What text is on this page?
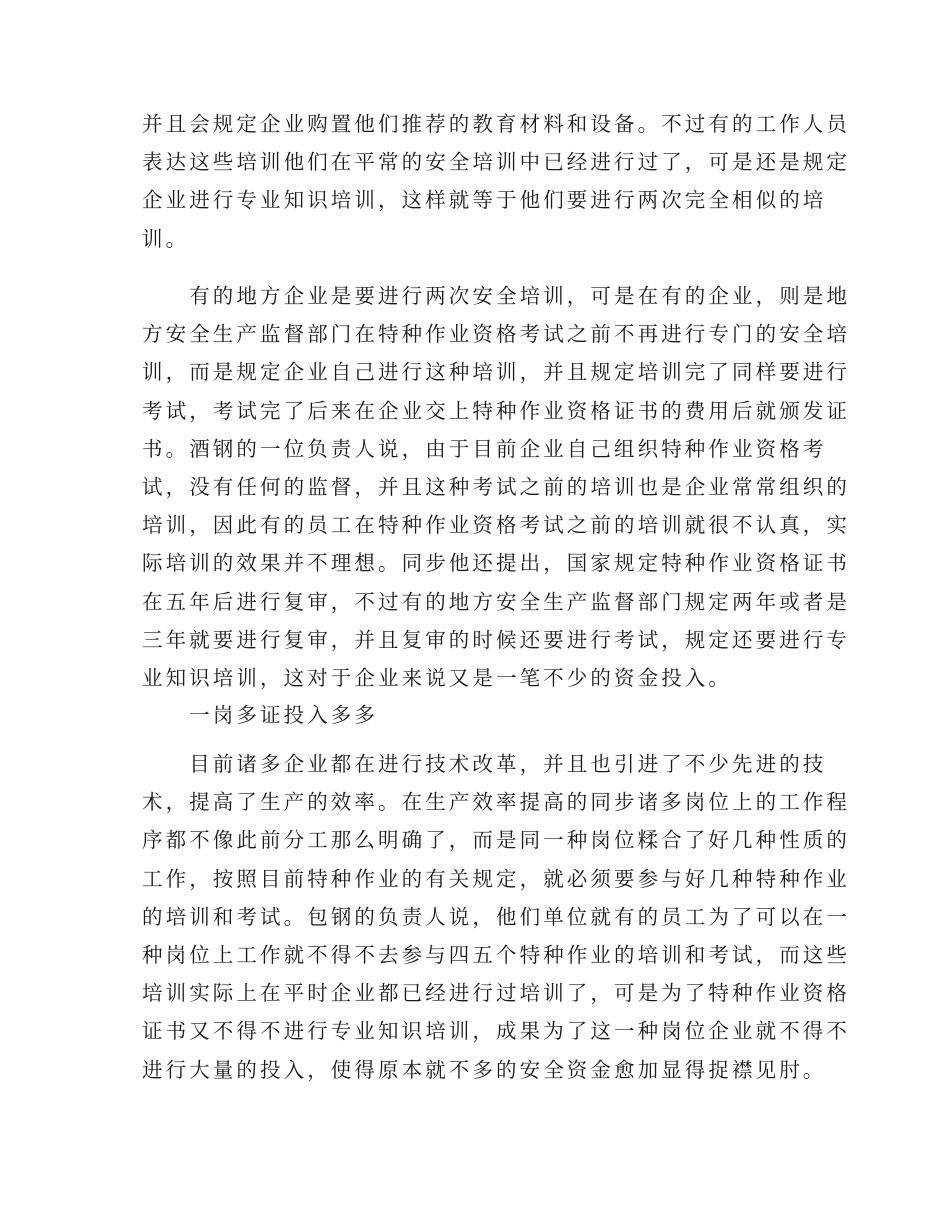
并且会规定企业购置他们推荐的教育材料和设备。不过有的工作人员
表达这些培训他们在平常的安全培训中已经进行过了，可是还是规定
企业进行专业知识培训，这样就等于他们要进行两次完全相似的培
训。

　　有的地方企业是要进行两次安全培训，可是在有的企业，则是地
方安全生产监督部门在特种作业资格考试之前不再进行专门的安全培
训，而是规定企业自己进行这种培训，并且规定培训完了同样要进行
考试，考试完了后来在企业交上特种作业资格证书的费用后就颁发证
书。酒钢的一位负责人说，由于目前企业自己组织特种作业资格考
试，没有任何的监督，并且这种考试之前的培训也是企业常常组织的
培训，因此有的员工在特种作业资格考试之前的培训就很不认真，实
际培训的效果并不理想。同步他还提出，国家规定特种作业资格证书
在五年后进行复审，不过有的地方安全生产监督部门规定两年或者是
三年就要进行复审，并且复审的时候还要进行考试，规定还要进行专
业知识培训，这对于企业来说又是一笔不少的资金投入。

　　一岗多证投入多多

　　目前诸多企业都在进行技术改革，并且也引进了不少先进的技
术，提高了生产的效率。在生产效率提高的同步诸多岗位上的工作程
序都不像此前分工那么明确了，而是同一种岗位糅合了好几种性质的
工作，按照目前特种作业的有关规定，就必须要参与好几种特种作业
的培训和考试。包钢的负责人说，他们单位就有的员工为了可以在一
种岗位上工作就不得不去参与四五个特种作业的培训和考试，而这些
培训实际上在平时企业都已经进行过培训了，可是为了特种作业资格
证书又不得不进行专业知识培训，成果为了这一种岗位企业就不得不
进行大量的投入，使得原本就不多的安全资金愈加显得捉襟见肘。
